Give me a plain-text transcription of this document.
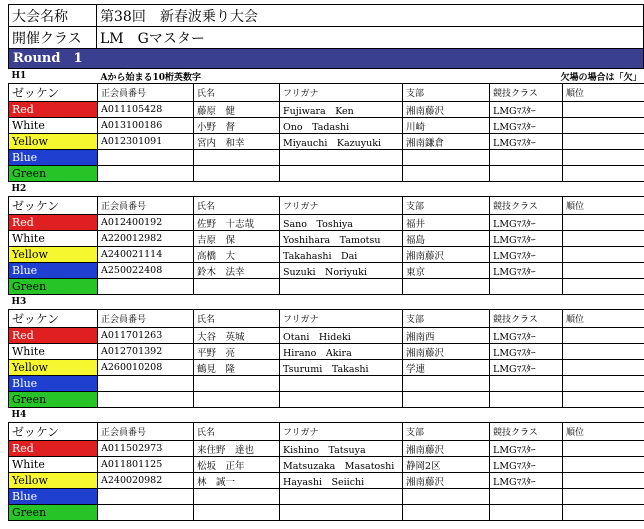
大会名称	第38回　新春波乗り大会
開催クラス	LM　Gマスター
Round　1
H1	Aから始まる10桁英数字				欠場の場合は「欠」	
ゼッケン	正会員番号	氏名	フリガナ	支部	競技クラス	順位
Red	A011105428	藤原　健	Fujiwara　Ken	湘南藤沢	LMGﾏｽﾀｰ	
White	A013100186	小野　督	Ono　Tadashi	川崎	LMGﾏｽﾀｰ	
Yellow	A012301091	宮内　和幸	Miyauchi　Kazuyuki	湘南鎌倉	LMGﾏｽﾀｰ	
Blue						
Green						
H2						
ゼッケン	正会員番号	氏名	フリガナ	支部	競技クラス	順位
Red	A012400192	佐野　十志哉	Sano　Toshiya	福井	LMGﾏｽﾀｰ	
White	A220012982	吉原　保	Yoshihara　Tamotsu	福島	LMGﾏｽﾀｰ	
Yellow	A240021114	高橋　大	Takahashi　Dai	湘南藤沢	LMGﾏｽﾀｰ	
Blue	A250022408	鈴木　法幸	Suzuki　Noriyuki	東京	LMGﾏｽﾀｰ	
Green						
H3						
ゼッケン	正会員番号	氏名	フリガナ	支部	競技クラス	順位
Red	A011701263	大谷　英城	Otani　Hideki	湘南西	LMGﾏｽﾀｰ	
White	A012701392	平野　亮	Hirano　Akira	湘南藤沢	LMGﾏｽﾀｰ	
Yellow	A260010208	鶴見　隆	Tsurumi　Takashi	学連	LMGﾏｽﾀｰ	
Blue						
Green						
H4						
ゼッケン	正会員番号	氏名	フリガナ	支部	競技クラス	順位
Red	A011502973	来住野　達也	Kishino　Tatsuya	湘南藤沢	LMGﾏｽﾀｰ	
White	A011801125	松坂　正年	Matsuzaka　Masatoshi	静岡2区	LMGﾏｽﾀｰ	
Yellow	A240020982	林　誠一	Hayashi　Seiichi	湘南藤沢	LMGﾏｽﾀｰ	
Blue						
Green						
